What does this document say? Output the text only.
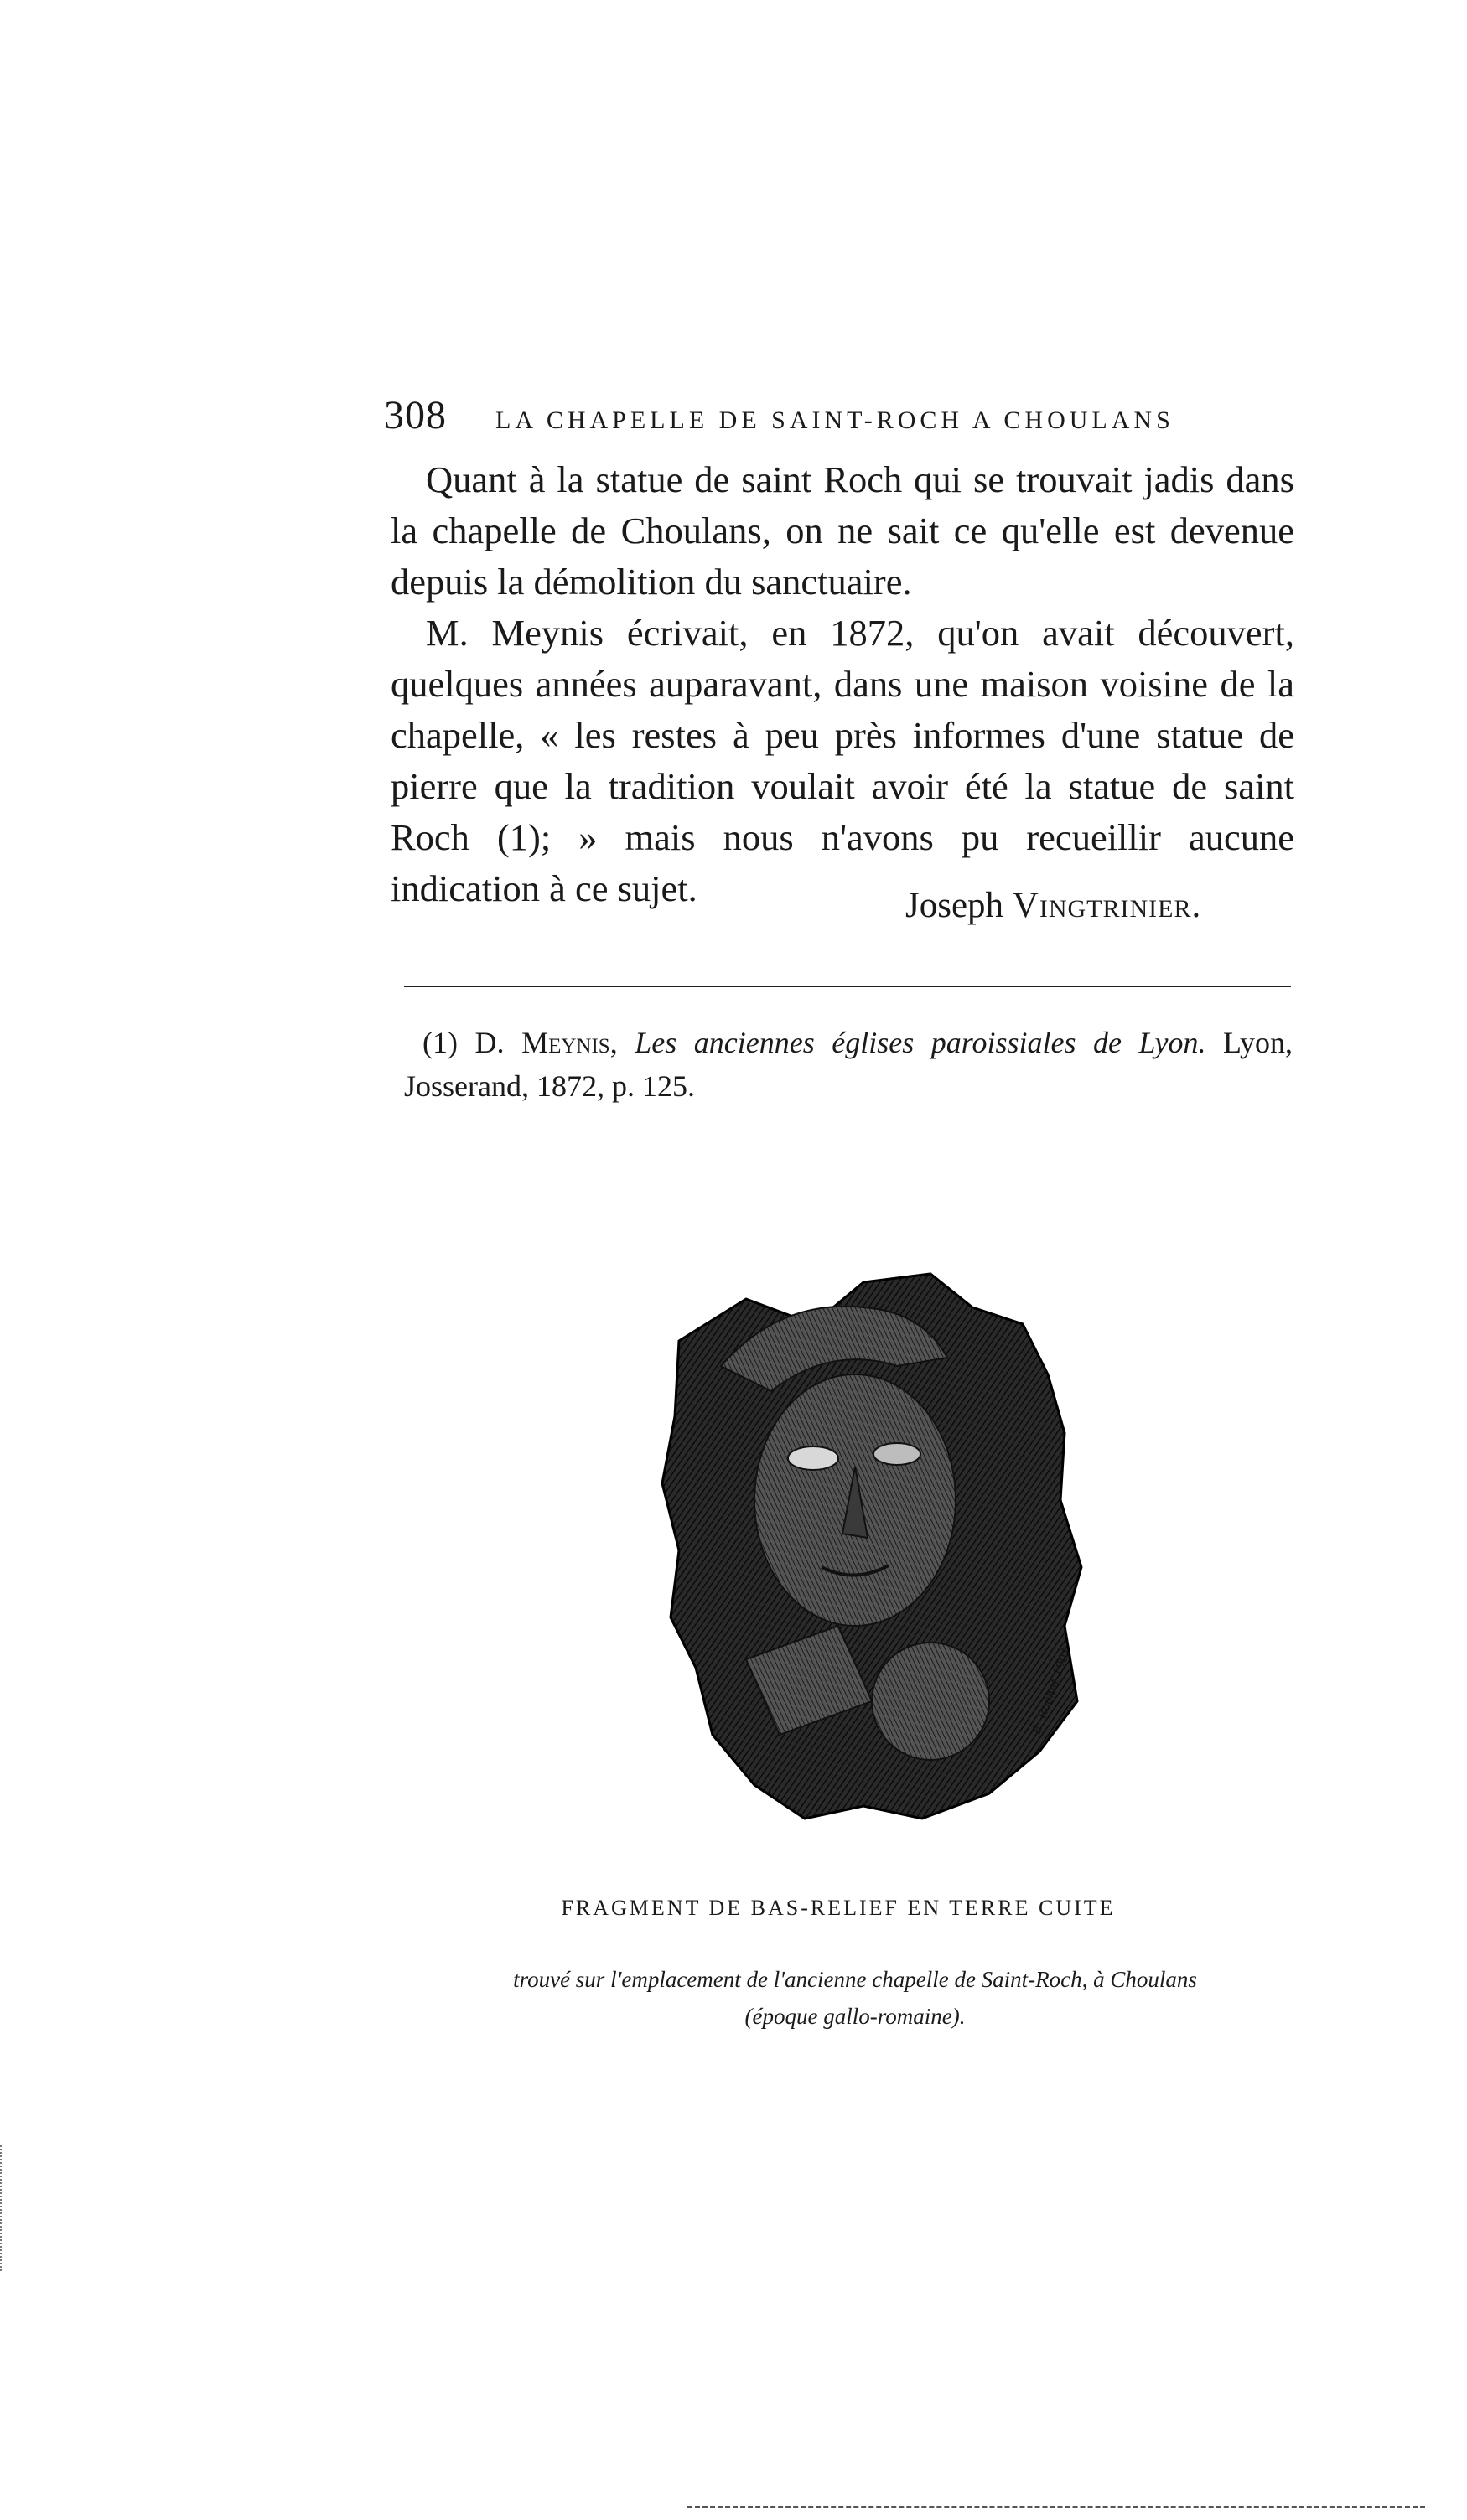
308 LA CHAPELLE DE SAINT-ROCH A CHOULANS

Quant à la statue de saint Roch qui se trouvait jadis dans la chapelle de Choulans, on ne sait ce qu'elle est devenue depuis la démolition du sanctuaire.

M. Meynis écrivait, en 1872, qu'on avait découvert, quelques années auparavant, dans une maison voisine de la chapelle, « les restes à peu près informes d'une statue de pierre que la tradition voulait avoir été la statue de saint Roch (1); » mais nous n'avons pu recueillir aucune indication à ce sujet.	Joseph Vingtrinier.

(1) D. Meynis, Les anciennes églises paroissiales de Lyon. Lyon, Josserand, 1872, p. 125.

E. Rochet 1901
FRAGMENT DE BAS-RELIEF EN TERRE CUITE
trouvé sur l'emplacement de l'ancienne chapelle de Saint-Roch, à Choulans
(époque gallo-romaine).
